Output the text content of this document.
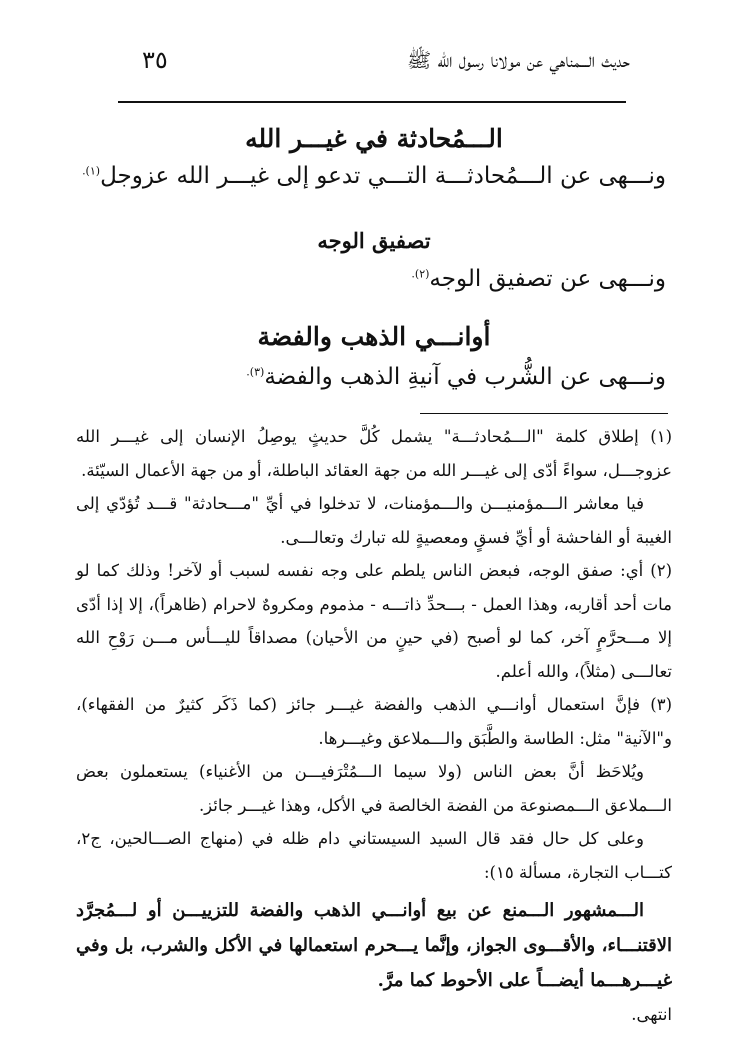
حديث الـــمناهي عن مولانا رسول الله ﷺ
٣٥
الـــمُحادثة في غيـــر الله
ونـــهى عن الـــمُحادثـــة التـــي تدعو إلى غيـــر الله عزوجل$^{(١).}$
تصفيق الوجه
ونـــهى عن تصفيق الوجه$^{(٢).}$
أوانـــي الذهب والفضة
ونـــهى عن الشُّرب في آنيةِ الذهب والفضة$^{(٣).}$

(١) إطلاق كلمة "الـــمُحادثـــة" يشمل كُلَّ حديثٍ يوصِلُ الإنسان إلى غيـــر الله عزوجـــل، سواءً أدّى إلى غيـــر الله من جهة العقائد الباطلة، أو من جهة الأعمال السيّئة.

فيا معاشر الـــمؤمنيـــن والـــمؤمنات، لا تدخلوا في أيِّ "مـــحادثة" قـــد تُؤدّي إلى الغيبة أو الفاحشة أو أيِّ فسقٍ ومعصيةٍ لله تبارك وتعالـــى.

(٢) أي: صفق الوجه، فبعض الناس يلطم على وجه نفسه لسبب أو لآخر! وذلك كما لو مات أحد أقاربه، وهذا العمل - بـــحدِّ ذاتـــه - مذموم ومكروهٌ لاحرام (ظاهراً)، إلا إذا أدّى إلا مـــحرَّمٍ آخر، كما لو أصبح (في حينٍ من الأحيان) مصداقاً لليـــأس مـــن رَوْحِ الله تعالـــى (مثلاً)، والله أعلم.

(٣) فإنَّ استعمال أوانـــي الذهب والفضة غيـــر جائز (كما ذَكَر كثيرٌ من الفقهاء)، و"الآنية" مثل: الطاسة والطَّبَق والـــملاعق وغيـــرها.

ويُلاحَظ أنَّ بعض الناس (ولا سيما الـــمُتْرَفيـــن من الأغنياء) يستعملون بعض الـــملاعق الـــمصنوعة من الفضة الخالصة في الأكل، وهذا غيـــر جائز.

وعلى كل حال فقد قال السيد السيستاني دام ظله في (منهاج الصـــالحين، ج٢، كتـــاب التجارة، مسألة ١٥):

الـــمشهور الـــمنع عن بيع أوانـــي الذهب والفضة للتزييـــن أو لـــمُجرَّد الاقتنـــاء، والأقـــوى الجواز، وإنَّما يـــحرم استعمالها في الأكل والشرب، بل وفي غيـــرهـــما أيضـــاً على الأحوط كما مرَّ.

انتهى.
